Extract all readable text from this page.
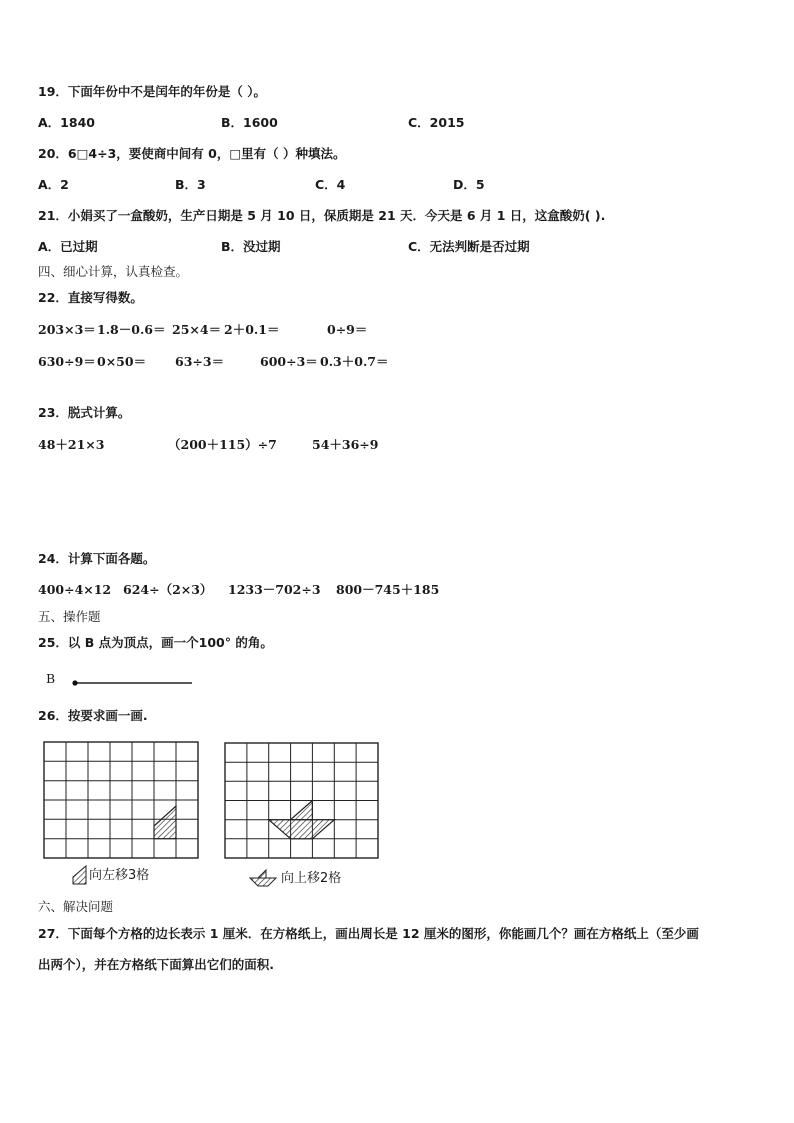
19．下面年份中不是闰年的年份是（ ）。
A．1840	B．1600	C．2015
20．6□4÷3，要使商中间有 0，□里有（ ）种填法。
A．2	B．3	C．4	D．5
21．小娟买了一盒酸奶，生产日期是 5 月 10 日，保质期是 21 天．今天是 6 月 1 日，这盒酸奶( ).
A．已过期	B．没过期	C．无法判断是否过期
四、细心计算，认真检查。
22．直接写得数。
203×3＝ 1.8－0.6＝ 25×4＝ 2＋0.1＝	0÷9＝
630÷9＝ 0×50＝ 63÷3＝	600÷3＝ 0.3＋0.7＝
23．脱式计算。
48＋21×3	（200＋115）÷7	54＋36÷9
24．计算下面各题。
400÷4×12 624÷（2×3） 1233－702÷3 800－745＋185
五、操作题
25．以 B 点为顶点，画一个100° 的角。
B
26．按要求画一画.
向左移3格	向上移2格
六、解决问题
27．下面每个方格的边长表示 1 厘米．在方格纸上，画出周长是 12 厘米的图形，你能画几个？画在方格纸上（至少画
出两个），并在方格纸下面算出它们的面积.
